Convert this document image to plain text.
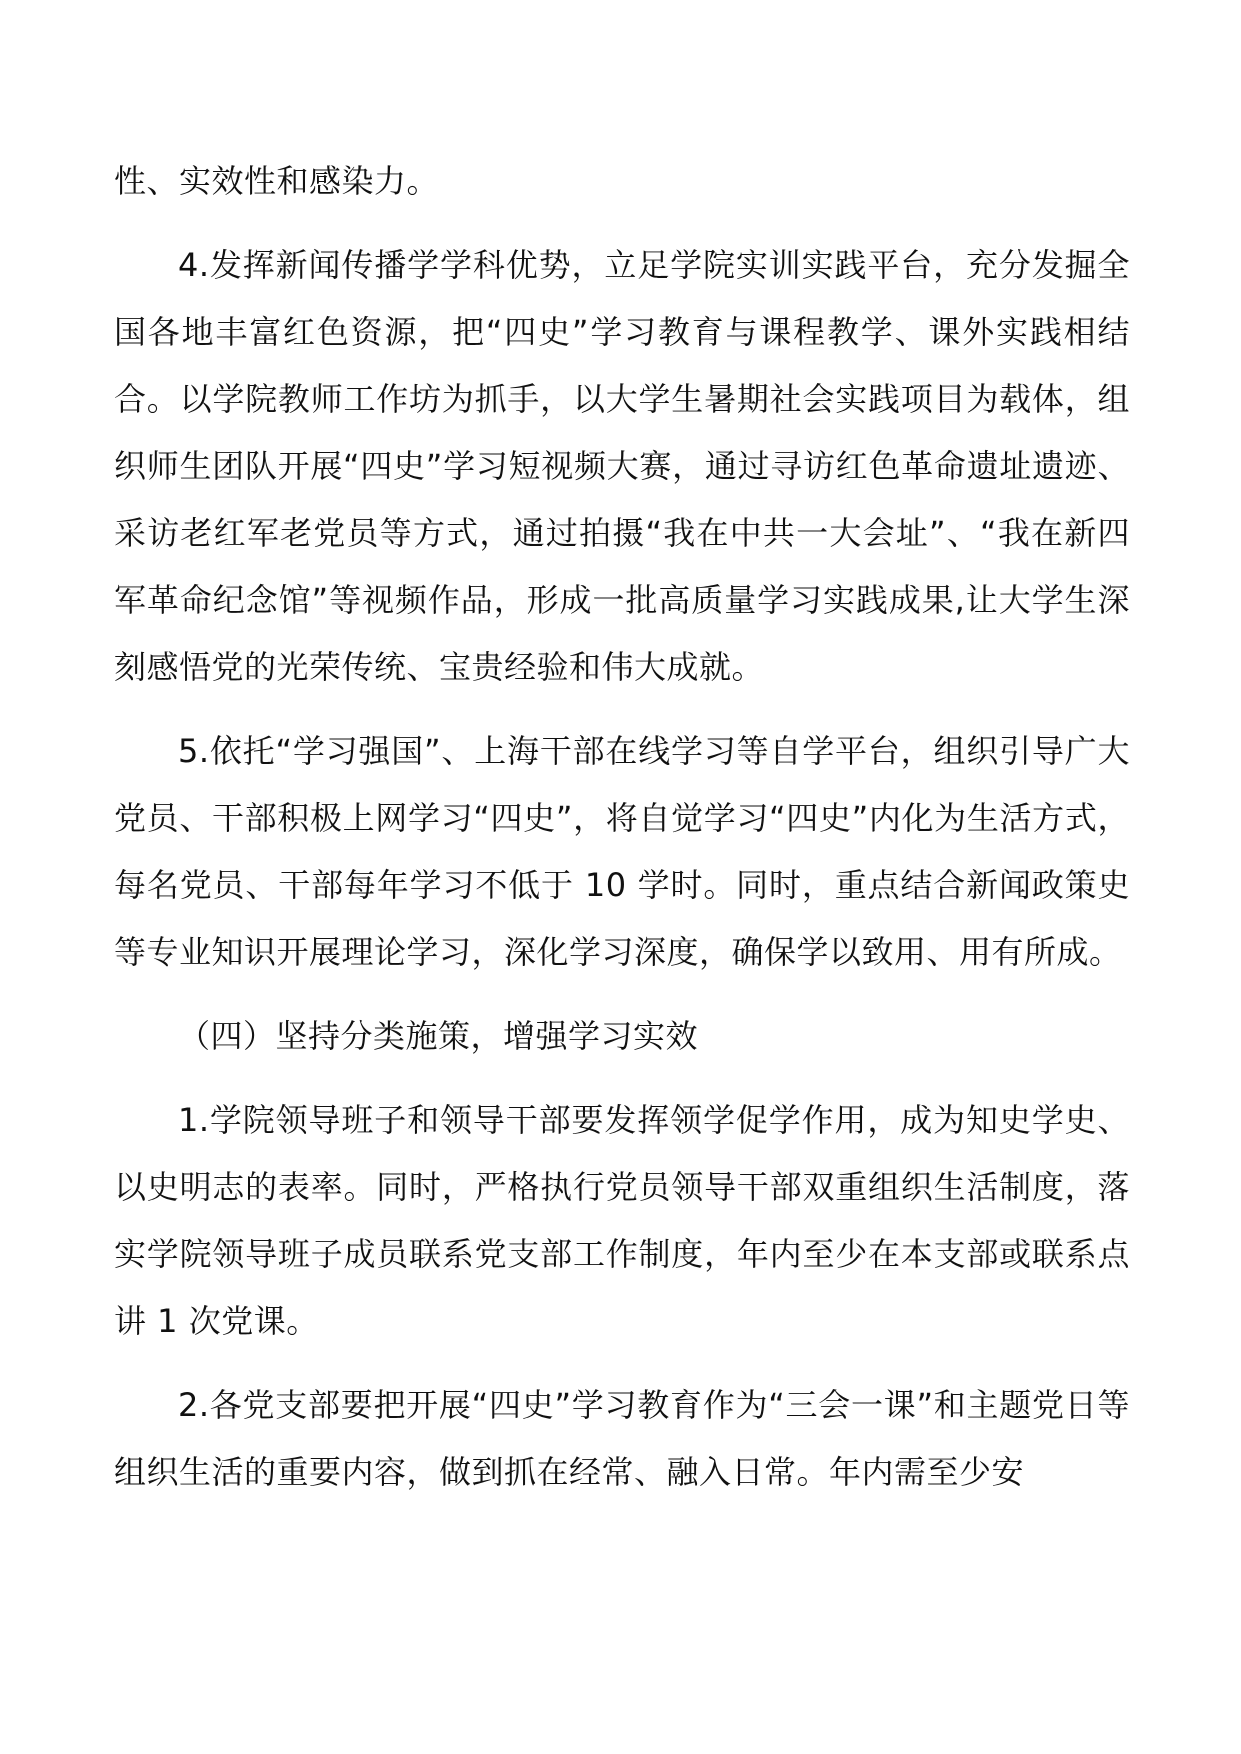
性、实效性和感染力。

4.发挥新闻传播学学科优势，立足学院实训实践平台，充分发掘全国各地丰富红色资源，把“四史”学习教育与课程教学、课外实践相结合。以学院教师工作坊为抓手，以大学生暑期社会实践项目为载体，组织师生团队开展“四史”学习短视频大赛，通过寻访红色革命遗址遗迹、采访老红军老党员等方式，通过拍摄“我在中共一大会址”、“我在新四军革命纪念馆”等视频作品，形成一批高质量学习实践成果,让大学生深刻感悟党的光荣传统、宝贵经验和伟大成就。

5.依托“学习强国”、上海干部在线学习等自学平台，组织引导广大党员、干部积极上网学习“四史”，将自觉学习“四史”内化为生活方式，每名党员、干部每年学习不低于 10 学时。同时，重点结合新闻政策史等专业知识开展理论学习，深化学习深度，确保学以致用、用有所成。

（四）坚持分类施策，增强学习实效

1.学院领导班子和领导干部要发挥领学促学作用，成为知史学史、以史明志的表率。同时，严格执行党员领导干部双重组织生活制度，落实学院领导班子成员联系党支部工作制度，年内至少在本支部或联系点讲 1 次党课。

2.各党支部要把开展“四史”学习教育作为“三会一课”和主题党日等组织生活的重要内容，做到抓在经常、融入日常。年内需至少安
